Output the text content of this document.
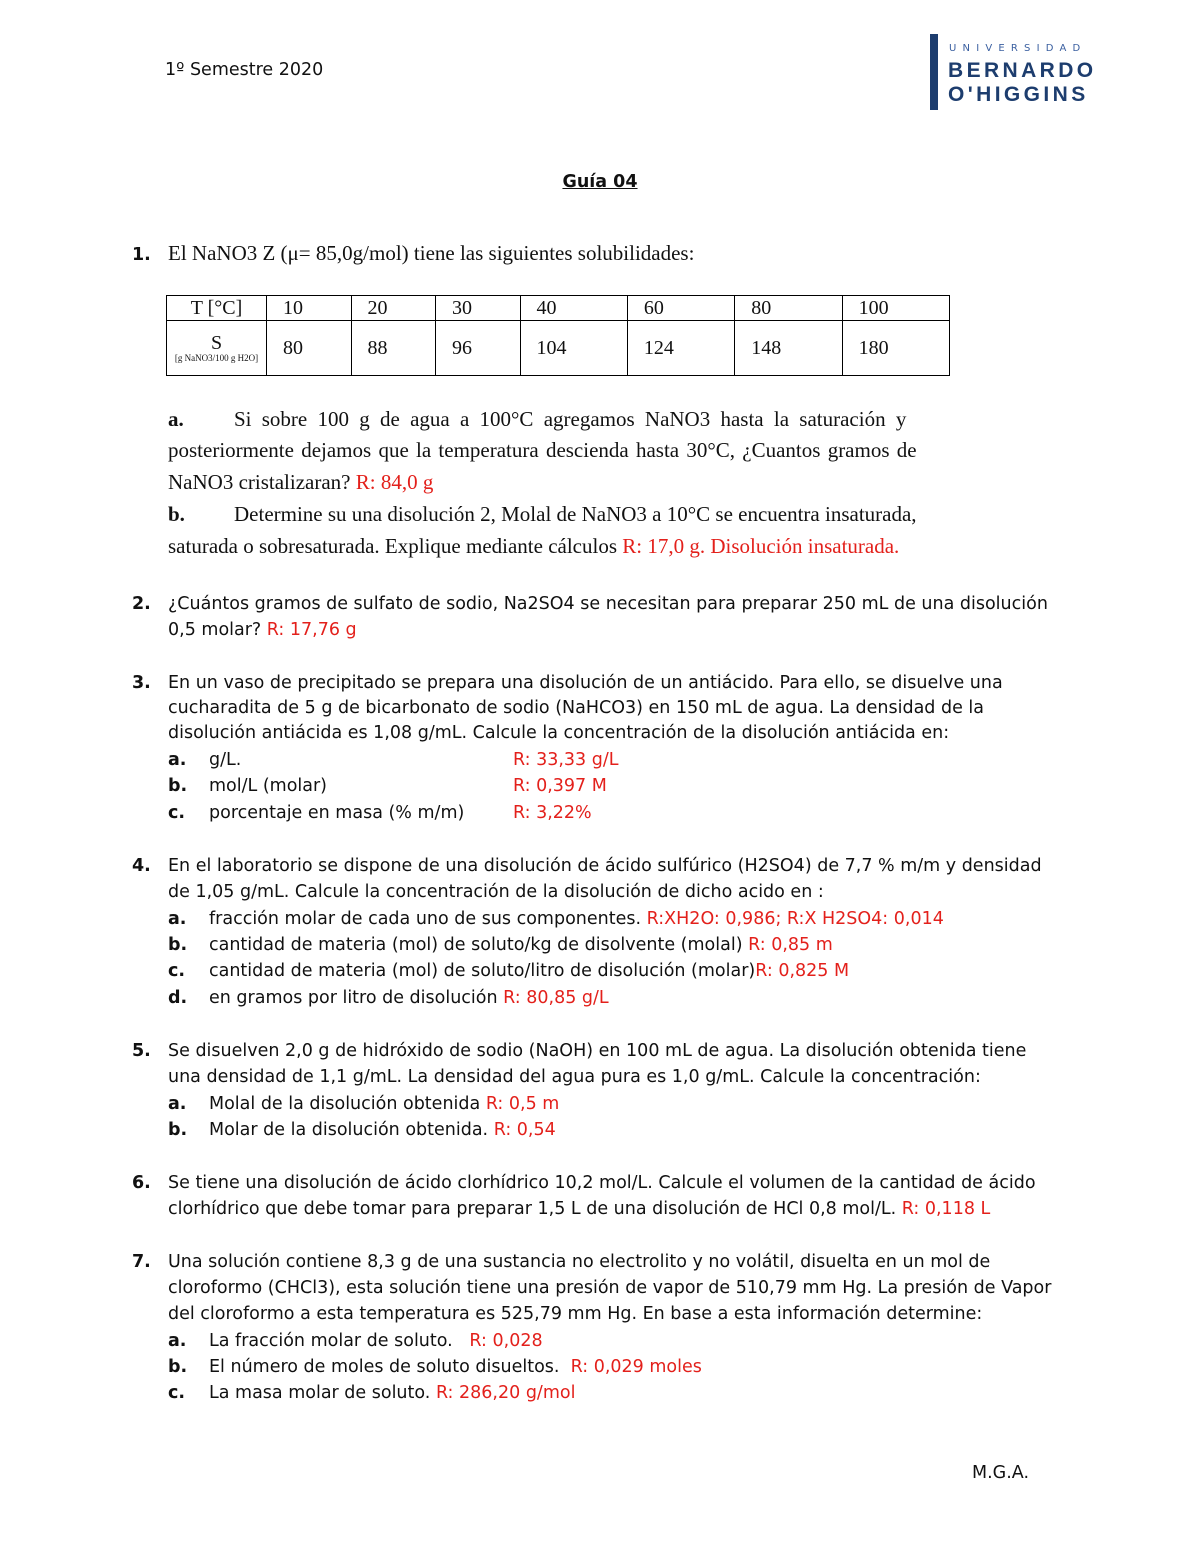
1º Semestre 2020
UNIVERSIDAD
BERNARDO
O'HIGGINS
Guía 04
1. El NaNO3 Z (μ= 85,0g/mol) tiene las siguientes solubilidades:
T [°C]	10	20	30	40	60	80	100

S
[g NaNO3/100 g H2O]	80	88	96	104	124	148	180
a. Si sobre 100 g de agua a 100°C agregamos NaNO3 hasta la saturación y
posteriormente dejamos que la temperatura descienda hasta 30°C, ¿Cuantos gramos de
NaNO3 cristalizaran? R: 84,0 g
b. Determine su una disolución 2, Molal de NaNO3 a 10°C se encuentra insaturada,
saturada o sobresaturada. Explique mediante cálculos R: 17,0 g. Disolución insaturada.
2. ¿Cuántos gramos de sulfato de sodio, Na2SO4 se necesitan para preparar 250 mL de una disolución
0,5 molar? R: 17,76 g
3. En un vaso de precipitado se prepara una disolución de un antiácido. Para ello, se disuelve una
cucharadita de 5 g de bicarbonato de sodio (NaHCO3) en 150 mL de agua. La densidad de la
disolución antiácida es 1,08 g/mL. Calcule la concentración de la disolución antiácida en:
a. g/L.	R: 33,33 g/L
b. mol/L (molar)	R: 0,397 M
c. porcentaje en masa (% m/m)	R: 3,22%
4. En el laboratorio se dispone de una disolución de ácido sulfúrico (H2SO4) de 7,7 % m/m y densidad
de 1,05 g/mL. Calcule la concentración de la disolución de dicho acido en :
a. fracción molar de cada uno de sus componentes. R:XH2O: 0,986; R:X H2SO4: 0,014
b. cantidad de materia (mol) de soluto/kg de disolvente (molal) R: 0,85 m
c. cantidad de materia (mol) de soluto/litro de disolución (molar)R: 0,825 M
d. en gramos por litro de disolución R: 80,85 g/L
5. Se disuelven 2,0 g de hidróxido de sodio (NaOH) en 100 mL de agua. La disolución obtenida tiene
una densidad de 1,1 g/mL. La densidad del agua pura es 1,0 g/mL. Calcule la concentración:
a. Molal de la disolución obtenida R: 0,5 m
b. Molar de la disolución obtenida. R: 0,54
6. Se tiene una disolución de ácido clorhídrico 10,2 mol/L. Calcule el volumen de la cantidad de ácido
clorhídrico que debe tomar para preparar 1,5 L de una disolución de HCl 0,8 mol/L. R: 0,118 L
7. Una solución contiene 8,3 g de una sustancia no electrolito y no volátil, disuelta en un mol de
cloroformo (CHCl3), esta solución tiene una presión de vapor de 510,79 mm Hg. La presión de Vapor
del cloroformo a esta temperatura es 525,79 mm Hg. En base a esta información determine:
a. La fracción molar de soluto. R: 0,028
b. El número de moles de soluto disueltos. R: 0,029 moles
c. La masa molar de soluto. R: 286,20 g/mol
M.G.A.
